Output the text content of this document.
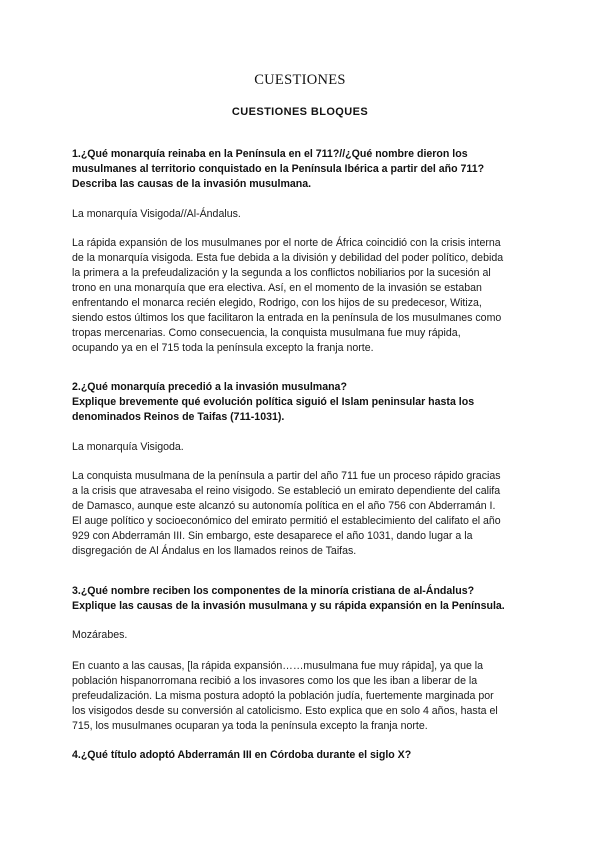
CUESTIONES
CUESTIONES BLOQUES
1.¿Qué monarquía reinaba en la Península en el 711?//¿Qué nombre dieron los
musulmanes al territorio conquistado en la Península Ibérica a partir del año 711?
Describa las causas de la invasión musulmana.
La monarquía Visigoda//Al-Ándalus.
La rápida expansión de los musulmanes por el norte de África coincidió con la crisis interna
de la monarquía visigoda. Esta fue debida a la división y debilidad del poder político, debida
la primera a la prefeudalización y la segunda a los conflictos nobiliarios por la sucesión al
trono en una monarquía que era electiva. Así, en el momento de la invasión se estaban
enfrentando el monarca recién elegido, Rodrigo, con los hijos de su predecesor, Witiza,
siendo estos últimos los que facilitaron la entrada en la península de los musulmanes como
tropas mercenarias. Como consecuencia, la conquista musulmana fue muy rápida,
ocupando ya en el 715 toda la península excepto la franja norte.
2.¿Qué monarquía precedió a la invasión musulmana?
Explique brevemente qué evolución política siguió el Islam peninsular hasta los
denominados Reinos de Taifas (711-1031).
La monarquía Visigoda.
La conquista musulmana de la península a partir del año 711 fue un proceso rápido gracias
a la crisis que atravesaba el reino visigodo. Se estableció un emirato dependiente del califa
de Damasco, aunque este alcanzó su autonomía política en el año 756 con Abderramán I.
El auge político y socioeconómico del emirato permitió el establecimiento del califato el año
929 con Abderramán III. Sin embargo, este desaparece el año 1031, dando lugar a la
disgregación de Al Ándalus en los llamados reinos de Taifas.
3.¿Qué nombre reciben los componentes de la minoría cristiana de al-Ándalus?
Explique las causas de la invasión musulmana y su rápida expansión en la Península.
Mozárabes.
En cuanto a las causas, [la rápida expansión……musulmana fue muy rápida], ya que la
población hispanorromana recibió a los invasores como los que les iban a liberar de la
prefeudalización. La misma postura adoptó la población judía, fuertemente marginada por
los visigodos desde su conversión al catolicismo. Esto explica que en solo 4 años, hasta el
715, los musulmanes ocuparan ya toda la península excepto la franja norte.
4.¿Qué título adoptó Abderramán III en Córdoba durante el siglo X?
